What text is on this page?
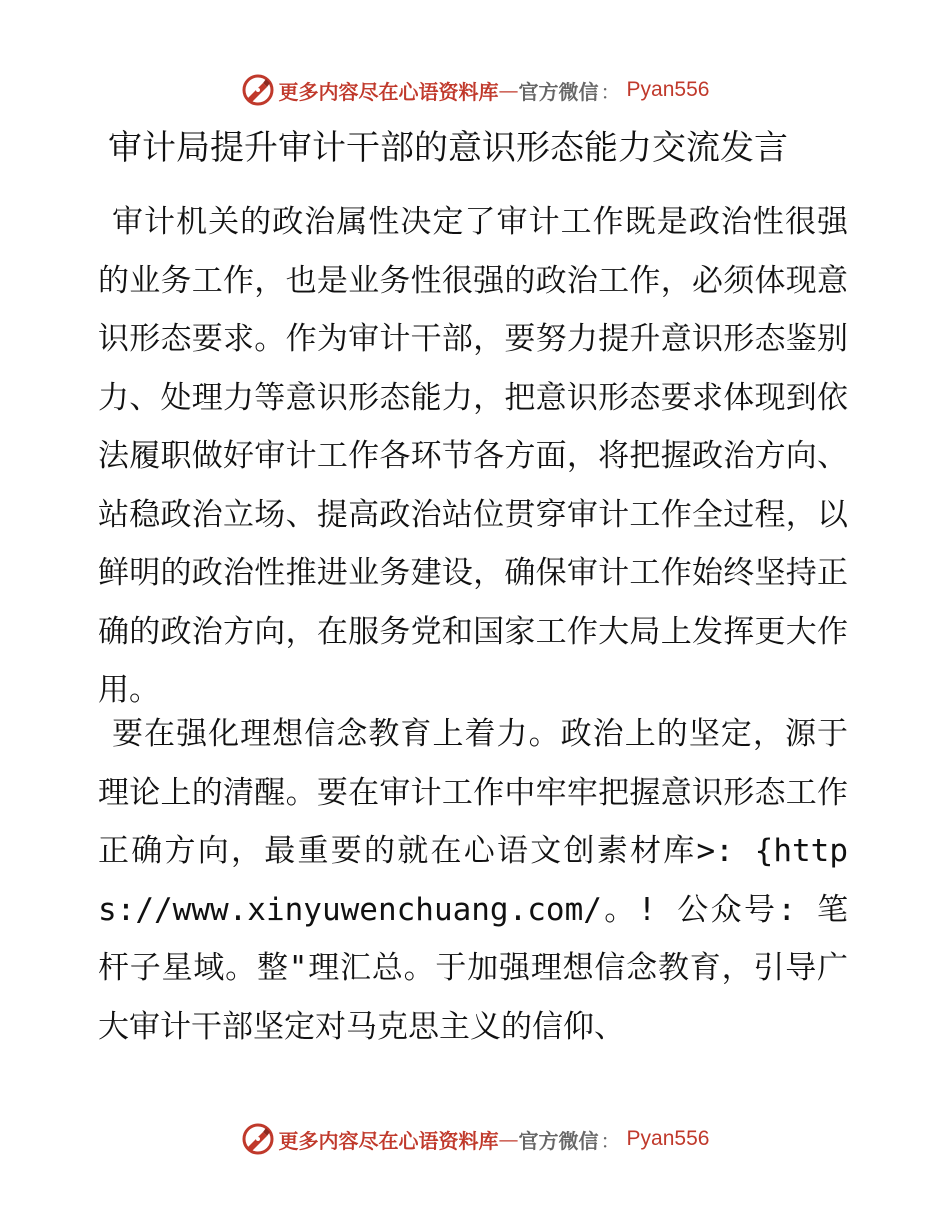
更多内容尽在心语资料库 — 官方微信 ： Pyan556
审计局提升审计干部的意识形态能力交流发言

审计机关的政治属性决定了审计工作既是政治性很强的业务工作，也是业务性很强的政治工作，必须体现意识形态要求。作为审计干部，要努力提升意识形态鉴别力、处理力等意识形态能力，把意识形态要求体现到依法履职做好审计工作各环节各方面，将把握政治方向、站稳政治立场、提高政治站位贯穿审计工作全过程，以鲜明的政治性推进业务建设，确保审计工作始终坚持正确的政治方向，在服务党和国家工作大局上发挥更大作用。

要在强化理想信念教育上着力。政治上的坚定，源于理论上的清醒。要在审计工作中牢牢把握意识形态工作正确方向，最重要的就在心语文创素材库>: {https://www.xinyuwenchuang.com/。! 公众号: 笔杆子星域。整"理汇总。于加强理想信念教育，引导广大审计干部坚定对马克思主义的信仰、

更多内容尽在心语资料库 — 官方微信 ： Pyan556
